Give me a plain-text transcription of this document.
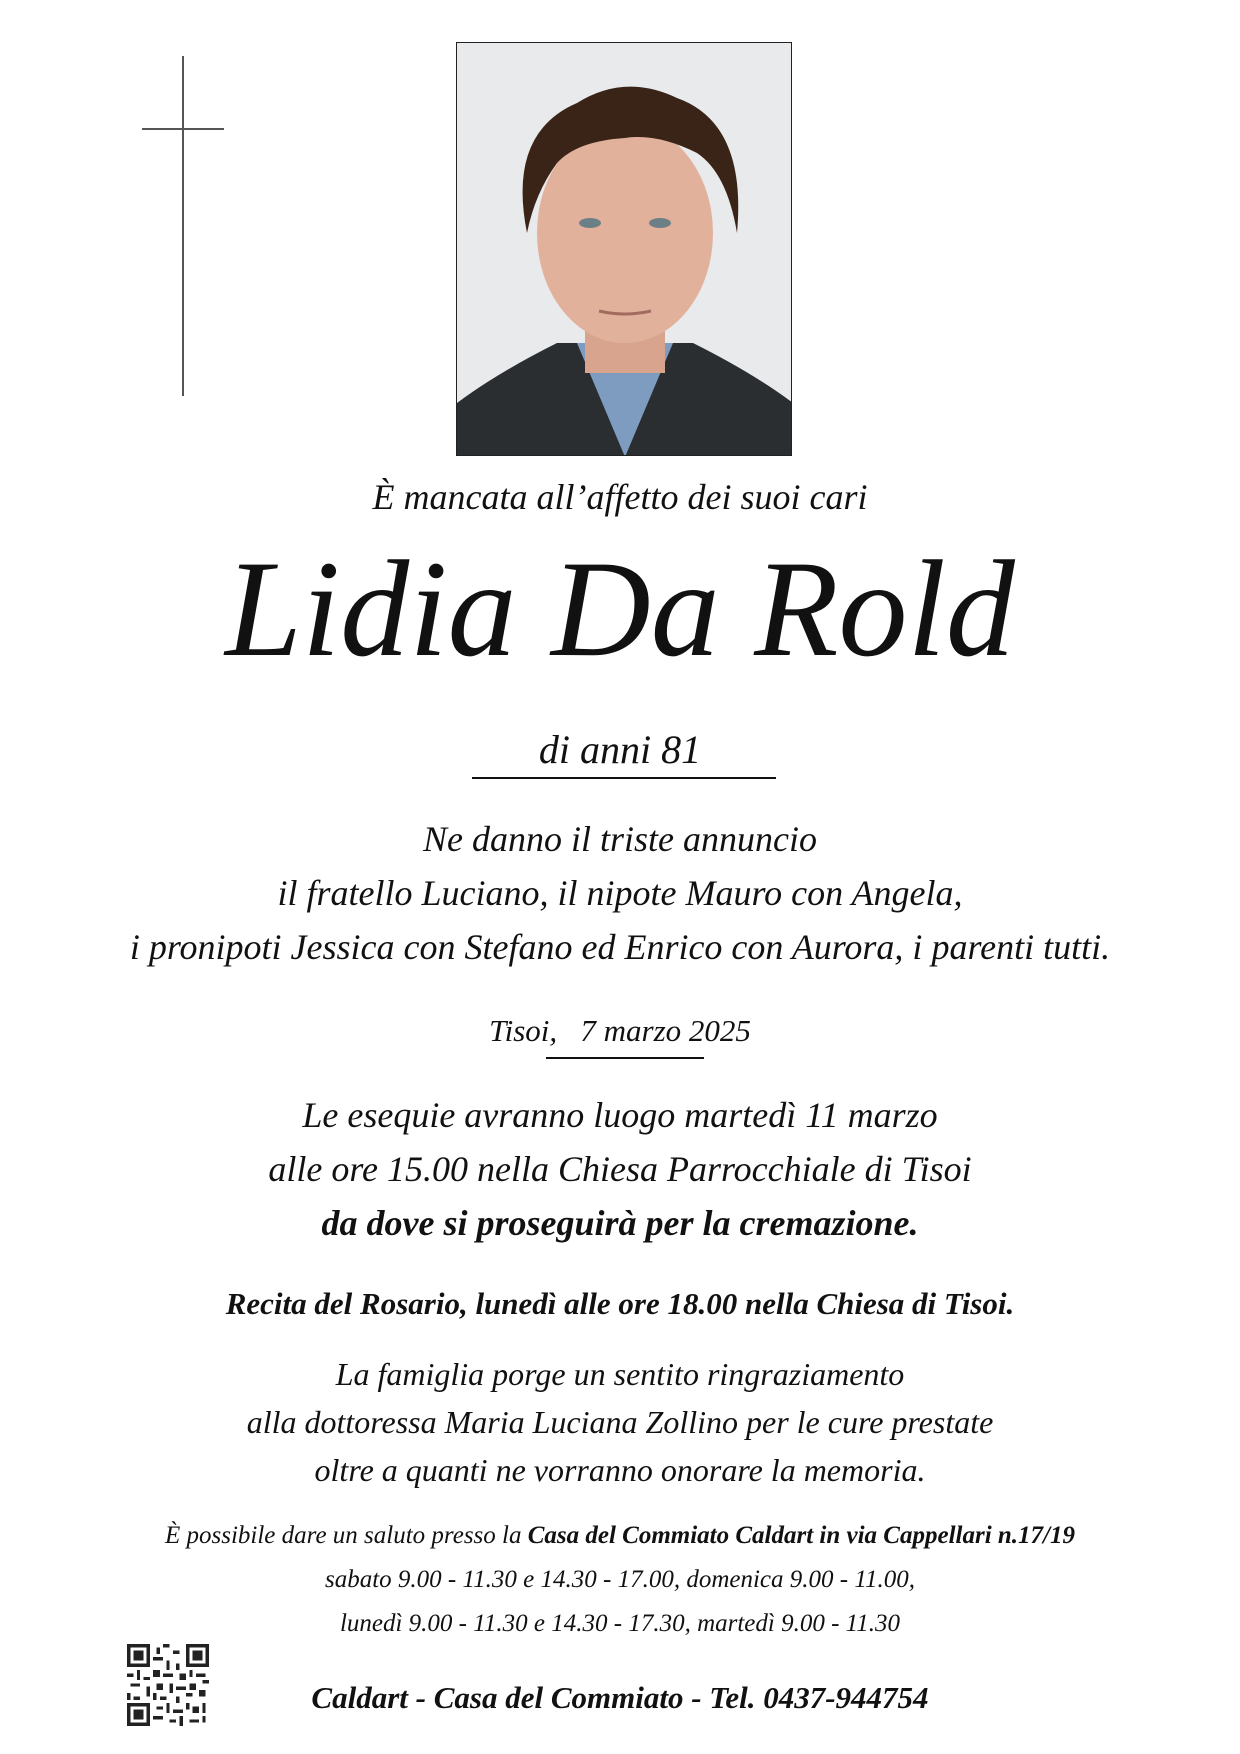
È mancata all’affetto dei suoi cari
Lidia Da Rold
di anni 81
Ne danno il triste annuncio
il fratello Luciano, il nipote Mauro con Angela,
i pronipoti Jessica con Stefano ed Enrico con Aurora, i parenti tutti.
Tisoi, 7 marzo 2025
Le esequie avranno luogo martedì 11 marzo
alle ore 15.00 nella Chiesa Parrocchiale di Tisoi
da dove si proseguirà per la cremazione.
Recita del Rosario, lunedì alle ore 18.00 nella Chiesa di Tisoi.
La famiglia porge un sentito ringraziamento
alla dottoressa Maria Luciana Zollino per le cure prestate
oltre a quanti ne vorranno onorare la memoria.
È possibile dare un saluto presso la Casa del Commiato Caldart in via Cappellari n.17/19
sabato 9.00 - 11.30 e 14.30 - 17.00, domenica 9.00 - 11.00,
lunedì 9.00 - 11.30 e 14.30 - 17.30, martedì 9.00 - 11.30
Caldart - Casa del Commiato - Tel. 0437-944754
